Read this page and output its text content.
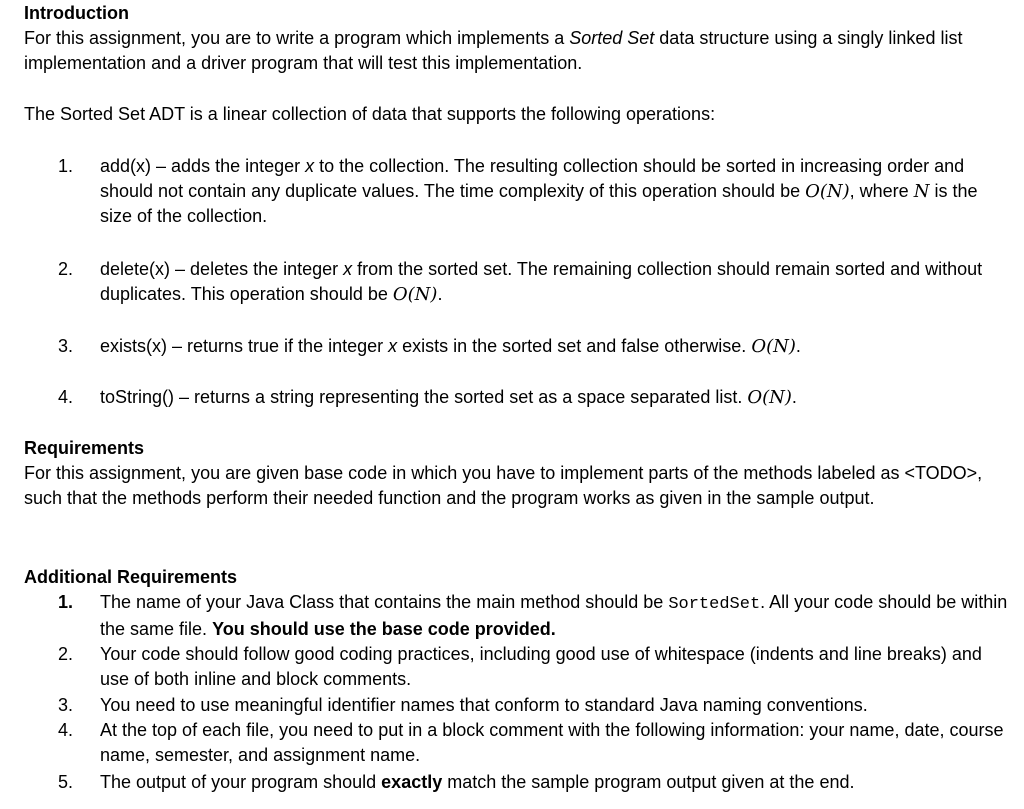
Introduction

For this assignment, you are to write a program which implements a Sorted Set data structure using a singly linked list implementation and a driver program that will test this implementation.

The Sorted Set ADT is a linear collection of data that supports the following operations:

1.	add(x) – adds the integer x to the collection. The resulting collection should be sorted in increasing order and should not contain any duplicate values. The time complexity of this operation should be O(N), where N is the size of the collection.
2.	delete(x) – deletes the integer x from the sorted set. The remaining collection should remain sorted and without duplicates. This operation should be O(N).
3.	exists(x) – returns true if the integer x exists in the sorted set and false otherwise. O(N).
4.	toString() – returns a string representing the sorted set as a space separated list. O(N).
Requirements

For this assignment, you are given base code in which you have to implement parts of the methods labeled as <TODO>, such that the methods perform their needed function and the program works as given in the sample output.

Additional Requirements
1.	The name of your Java Class that contains the main method should be SortedSet. All your code should be within the same file. You should use the base code provided.
2.	Your code should follow good coding practices, including good use of whitespace (indents and line breaks) and use of both inline and block comments.
3.	You need to use meaningful identifier names that conform to standard Java naming conventions.
4.	At the top of each file, you need to put in a block comment with the following information: your name, date, course name, semester, and assignment name.
5.	The output of your program should exactly match the sample program output given at the end.
